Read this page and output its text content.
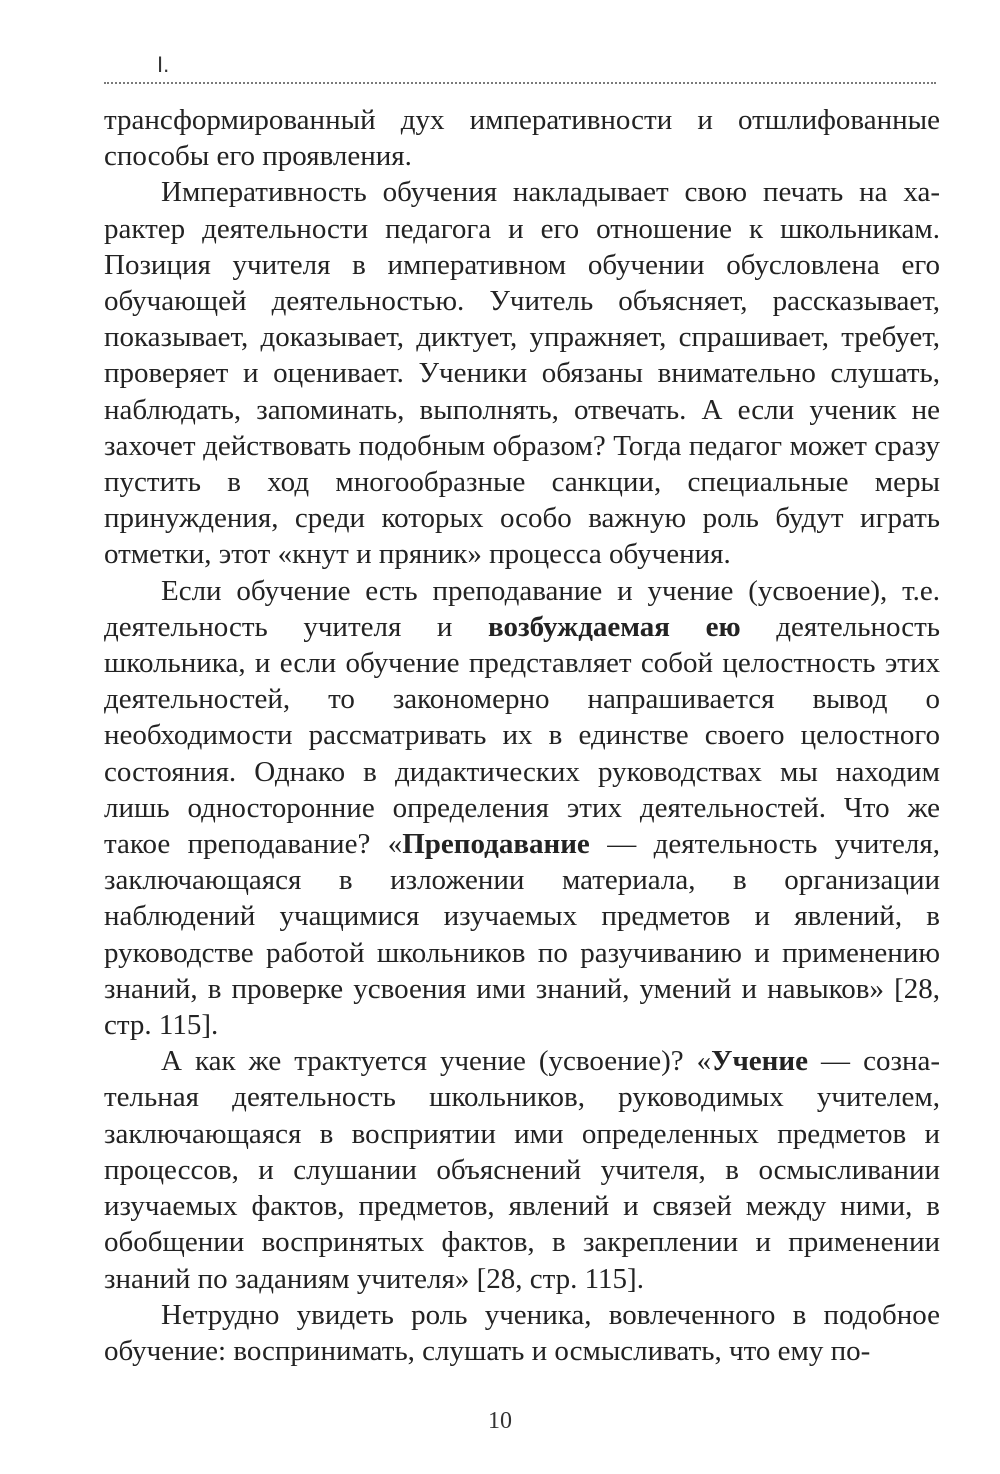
I.

трансформированный дух императивности и отшлифованные способы его проявления.

Императивность обучения накладывает свою печать на характер деятельности педагога и его отношение к школьникам. Позиция учителя в императивном обучении обусловлена его обучающей деятельностью. Учитель объясняет, рассказывает, показывает, доказывает, диктует, упражняет, спрашивает, требует, проверяет и оценивает. Ученики обязаны внимательно слушать, наблюдать, запоминать, выполнять, отвечать. А если ученик не захочет действовать подобным образом? Тогда педагог может сразу пустить в ход многообразные санкции, специальные меры принуждения, среди которых особо важную роль будут играть отметки, этот «кнут и пряник» процесса обучения.

Если обучение есть преподавание и учение (усвоение), т.е. деятельность учителя и возбуждаемая ею деятельность школьника, и если обучение представляет собой целостность этих деятельностей, то закономерно напрашивается вывод о необходимости рассматривать их в единстве своего целостного состояния. Однако в дидактических руководствах мы находим лишь односторонние определения этих деятельностей. Что же такое преподавание? «Преподавание — деятельность учителя, заключающаяся в изложении материала, в организации наблюдений учащимися изучаемых предметов и явлений, в руководстве работой школьников по разучиванию и применению знаний, в проверке усвоения ими знаний, умений и навыков» [28, стр. 115].

А как же трактуется учение (усвоение)? «Учение — сознательная деятельность школьников, руководимых учителем, заключающаяся в восприятии ими определенных предметов и процессов, и слушании объяснений учителя, в осмысливании изучаемых фактов, предметов, явлений и связей между ними, в обобщении воспринятых фактов, в закреплении и применении знаний по заданиям учителя» [28, стр. 115].

Нетрудно увидеть роль ученика, вовлеченного в подобное обучение: воспринимать, слушать и осмысливать, что ему по-

10
